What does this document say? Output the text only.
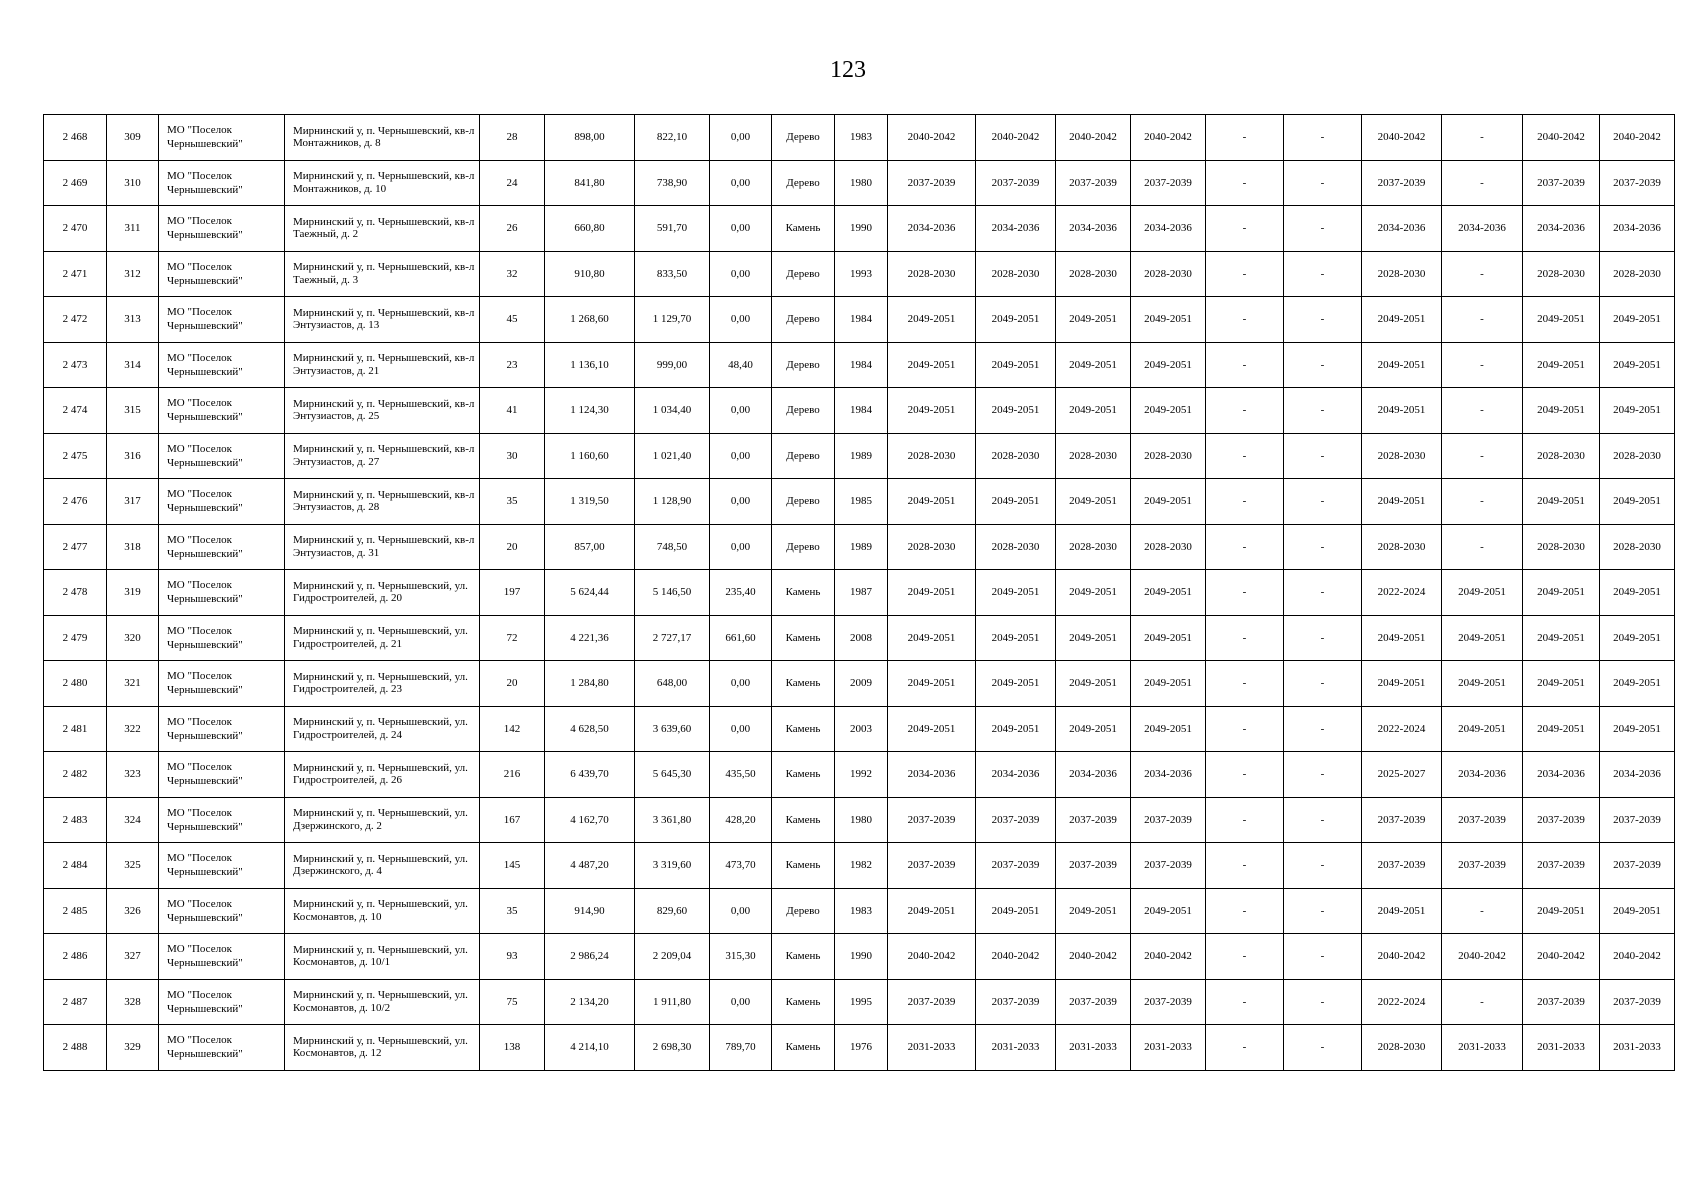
123
2 468	309	МО "Поселок Чернышевский"	Мирнинский у, п. Чернышевский, кв-л Монтажников, д. 8	28	898,00	822,10	0,00	Дерево	1983	2040-2042	2040-2042	2040-2042	2040-2042	-	-	2040-2042	-	2040-2042	2040-2042
2 469	310	МО "Поселок Чернышевский"	Мирнинский у, п. Чернышевский, кв-л Монтажников, д. 10	24	841,80	738,90	0,00	Дерево	1980	2037-2039	2037-2039	2037-2039	2037-2039	-	-	2037-2039	-	2037-2039	2037-2039
2 470	311	МО "Поселок Чернышевский"	Мирнинский у, п. Чернышевский, кв-л Таежный, д. 2	26	660,80	591,70	0,00	Камень	1990	2034-2036	2034-2036	2034-2036	2034-2036	-	-	2034-2036	2034-2036	2034-2036	2034-2036
2 471	312	МО "Поселок Чернышевский"	Мирнинский у, п. Чернышевский, кв-л Таежный, д. 3	32	910,80	833,50	0,00	Дерево	1993	2028-2030	2028-2030	2028-2030	2028-2030	-	-	2028-2030	-	2028-2030	2028-2030
2 472	313	МО "Поселок Чернышевский"	Мирнинский у, п. Чернышевский, кв-л Энтузиастов, д. 13	45	1 268,60	1 129,70	0,00	Дерево	1984	2049-2051	2049-2051	2049-2051	2049-2051	-	-	2049-2051	-	2049-2051	2049-2051
2 473	314	МО "Поселок Чернышевский"	Мирнинский у, п. Чернышевский, кв-л Энтузиастов, д. 21	23	1 136,10	999,00	48,40	Дерево	1984	2049-2051	2049-2051	2049-2051	2049-2051	-	-	2049-2051	-	2049-2051	2049-2051
2 474	315	МО "Поселок Чернышевский"	Мирнинский у, п. Чернышевский, кв-л Энтузиастов, д. 25	41	1 124,30	1 034,40	0,00	Дерево	1984	2049-2051	2049-2051	2049-2051	2049-2051	-	-	2049-2051	-	2049-2051	2049-2051
2 475	316	МО "Поселок Чернышевский"	Мирнинский у, п. Чернышевский, кв-л Энтузиастов, д. 27	30	1 160,60	1 021,40	0,00	Дерево	1989	2028-2030	2028-2030	2028-2030	2028-2030	-	-	2028-2030	-	2028-2030	2028-2030
2 476	317	МО "Поселок Чернышевский"	Мирнинский у, п. Чернышевский, кв-л Энтузиастов, д. 28	35	1 319,50	1 128,90	0,00	Дерево	1985	2049-2051	2049-2051	2049-2051	2049-2051	-	-	2049-2051	-	2049-2051	2049-2051
2 477	318	МО "Поселок Чернышевский"	Мирнинский у, п. Чернышевский, кв-л Энтузиастов, д. 31	20	857,00	748,50	0,00	Дерево	1989	2028-2030	2028-2030	2028-2030	2028-2030	-	-	2028-2030	-	2028-2030	2028-2030
2 478	319	МО "Поселок Чернышевский"	Мирнинский у, п. Чернышевский, ул. Гидростроителей, д. 20	197	5 624,44	5 146,50	235,40	Камень	1987	2049-2051	2049-2051	2049-2051	2049-2051	-	-	2022-2024	2049-2051	2049-2051	2049-2051
2 479	320	МО "Поселок Чернышевский"	Мирнинский у, п. Чернышевский, ул. Гидростроителей, д. 21	72	4 221,36	2 727,17	661,60	Камень	2008	2049-2051	2049-2051	2049-2051	2049-2051	-	-	2049-2051	2049-2051	2049-2051	2049-2051
2 480	321	МО "Поселок Чернышевский"	Мирнинский у, п. Чернышевский, ул. Гидростроителей, д. 23	20	1 284,80	648,00	0,00	Камень	2009	2049-2051	2049-2051	2049-2051	2049-2051	-	-	2049-2051	2049-2051	2049-2051	2049-2051
2 481	322	МО "Поселок Чернышевский"	Мирнинский у, п. Чернышевский, ул. Гидростроителей, д. 24	142	4 628,50	3 639,60	0,00	Камень	2003	2049-2051	2049-2051	2049-2051	2049-2051	-	-	2022-2024	2049-2051	2049-2051	2049-2051
2 482	323	МО "Поселок Чернышевский"	Мирнинский у, п. Чернышевский, ул. Гидростроителей, д. 26	216	6 439,70	5 645,30	435,50	Камень	1992	2034-2036	2034-2036	2034-2036	2034-2036	-	-	2025-2027	2034-2036	2034-2036	2034-2036
2 483	324	МО "Поселок Чернышевский"	Мирнинский у, п. Чернышевский, ул. Дзержинского, д. 2	167	4 162,70	3 361,80	428,20	Камень	1980	2037-2039	2037-2039	2037-2039	2037-2039	-	-	2037-2039	2037-2039	2037-2039	2037-2039
2 484	325	МО "Поселок Чернышевский"	Мирнинский у, п. Чернышевский, ул. Дзержинского, д. 4	145	4 487,20	3 319,60	473,70	Камень	1982	2037-2039	2037-2039	2037-2039	2037-2039	-	-	2037-2039	2037-2039	2037-2039	2037-2039
2 485	326	МО "Поселок Чернышевский"	Мирнинский у, п. Чернышевский, ул. Космонавтов, д. 10	35	914,90	829,60	0,00	Дерево	1983	2049-2051	2049-2051	2049-2051	2049-2051	-	-	2049-2051	-	2049-2051	2049-2051
2 486	327	МО "Поселок Чернышевский"	Мирнинский у, п. Чернышевский, ул. Космонавтов, д. 10/1	93	2 986,24	2 209,04	315,30	Камень	1990	2040-2042	2040-2042	2040-2042	2040-2042	-	-	2040-2042	2040-2042	2040-2042	2040-2042
2 487	328	МО "Поселок Чернышевский"	Мирнинский у, п. Чернышевский, ул. Космонавтов, д. 10/2	75	2 134,20	1 911,80	0,00	Камень	1995	2037-2039	2037-2039	2037-2039	2037-2039	-	-	2022-2024	-	2037-2039	2037-2039
2 488	329	МО "Поселок Чернышевский"	Мирнинский у, п. Чернышевский, ул. Космонавтов, д. 12	138	4 214,10	2 698,30	789,70	Камень	1976	2031-2033	2031-2033	2031-2033	2031-2033	-	-	2028-2030	2031-2033	2031-2033	2031-2033
